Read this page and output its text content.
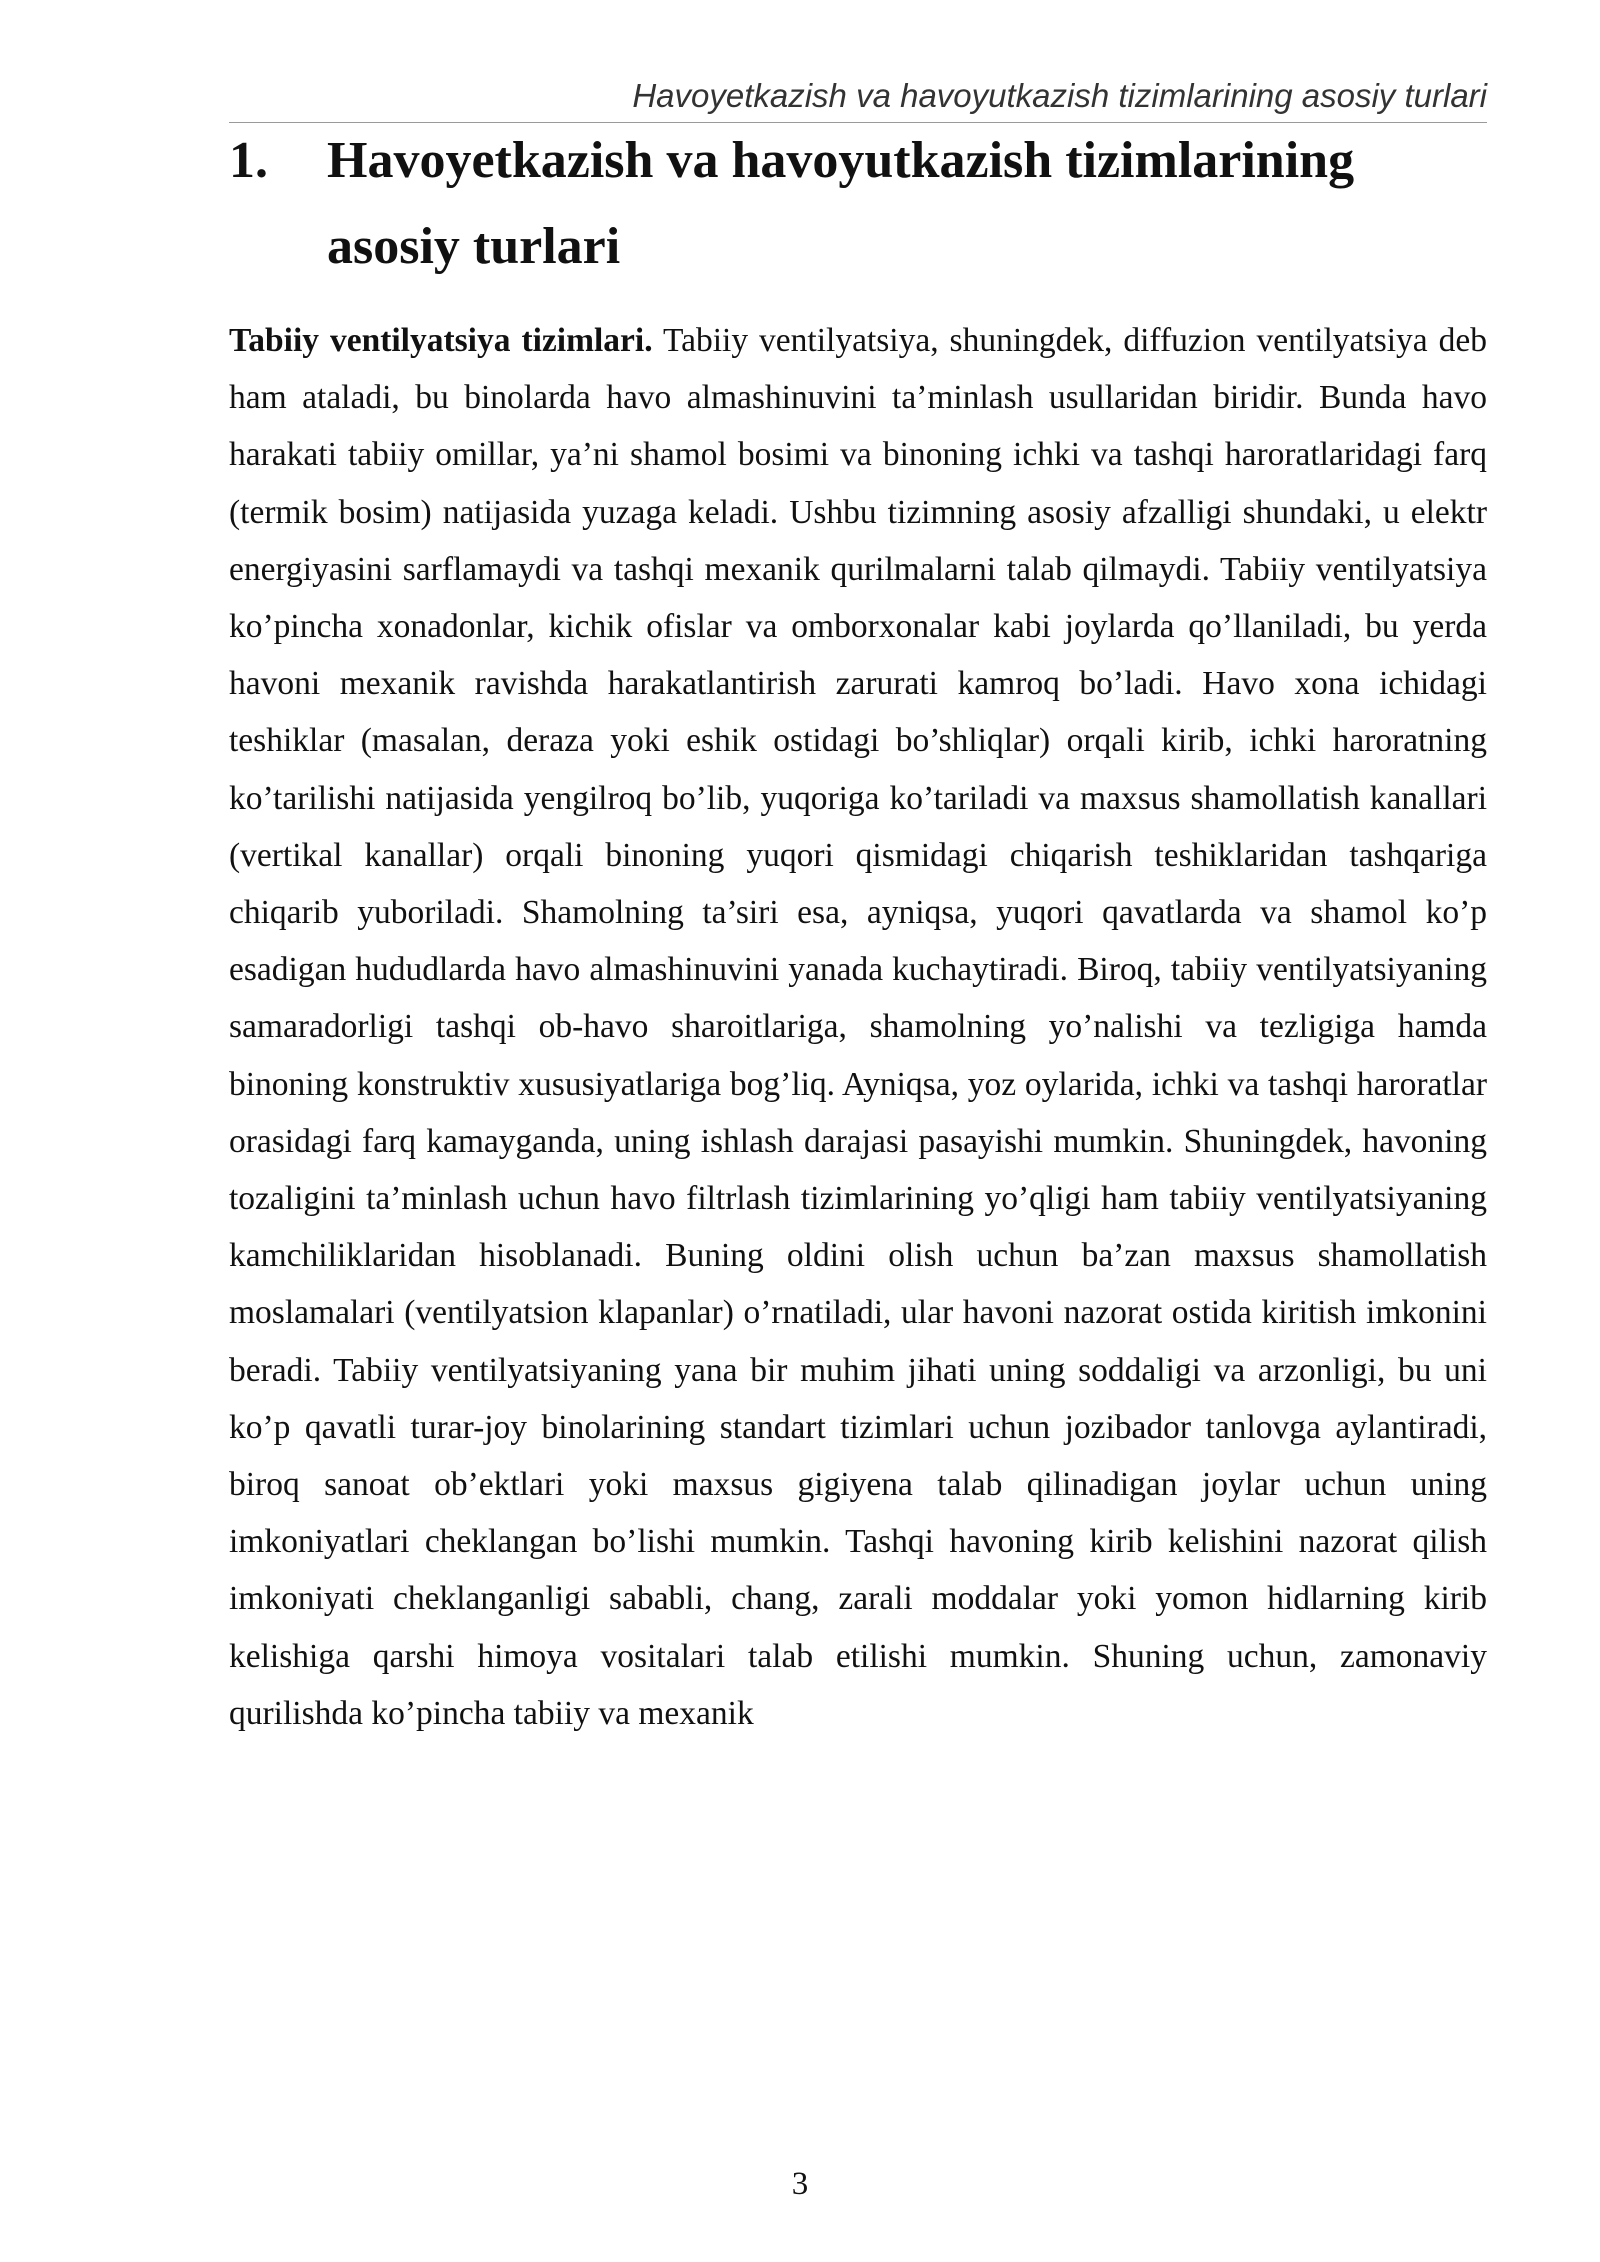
Havoyetkazish va havoyutkazish tizimlarining asosiy turlari
1.	Havoyetkazish va havoyutkazish tizimlarining asosiy turlari

Tabiiy ventilyatsiya tizimlari. Tabiiy ventilyatsiya, shuningdek, diffuzion ventilyatsiya deb ham ataladi, bu binolarda havo almashinuvini ta’minlash usullaridan biridir. Bunda havo harakati tabiiy omillar, ya’ni shamol bosimi va binoning ichki va tashqi haroratlaridagi farq (termik bosim) natijasida yuzaga keladi. Ushbu tizimning asosiy afzalligi shundaki, u elektr energiyasini sarflamaydi va tashqi mexanik qurilmalarni talab qilmaydi. Tabiiy ventilyatsiya ko’pincha xonadonlar, kichik ofislar va omborxonalar kabi joylarda qo’llaniladi, bu yerda havoni mexanik ravishda harakatlantirish zarurati kamroq bo’ladi. Havo xona ichidagi teshiklar (masalan, deraza yoki eshik ostidagi bo’shliqlar) orqali kirib, ichki haroratning ko’tarilishi natijasida yengilroq bo’lib, yuqoriga ko’tariladi va maxsus shamollatish kanallari (vertikal kanallar) orqali binoning yuqori qismidagi chiqarish teshiklaridan tashqariga chiqarib yuboriladi. Shamolning ta’siri esa, ayniqsa, yuqori qavatlarda va shamol ko’p esadigan hududlarda havo almashinuvini yanada kuchaytiradi. Biroq, tabiiy ventilyatsiyaning samaradorligi tashqi ob-havo sharoitlariga, shamolning yo’nalishi va tezligiga hamda binoning konstruktiv xususiyatlariga bog’liq. Ayniqsa, yoz oylarida, ichki va tashqi haroratlar orasidagi farq kamayganda, uning ishlash darajasi pasayishi mumkin. Shuningdek, havoning tozaligini ta’minlash uchun havo filtrlash tizimlarining yo’qligi ham tabiiy ventilyatsiyaning kamchiliklaridan hisoblanadi. Buning oldini olish uchun ba’zan maxsus shamollatish moslamalari (ventilyatsion klapanlar) o’rnatiladi, ular havoni nazorat ostida kiritish imkonini beradi. Tabiiy ventilyatsiyaning yana bir muhim jihati uning soddaligi va arzonligi, bu uni ko’p qavatli turar-joy binolarining standart tizimlari uchun jozibador tanlovga aylantiradi, biroq sanoat ob’ektlari yoki maxsus gigiyena talab qilinadigan joylar uchun uning imkoniyatlari cheklangan bo’lishi mumkin. Tashqi havoning kirib kelishini nazorat qilish imkoniyati cheklanganligi sababli, chang, zarali moddalar yoki yomon hidlarning kirib kelishiga qarshi himoya vositalari talab etilishi mumkin. Shuning uchun, zamonaviy qurilishda ko’pincha tabiiy va mexanik

3
